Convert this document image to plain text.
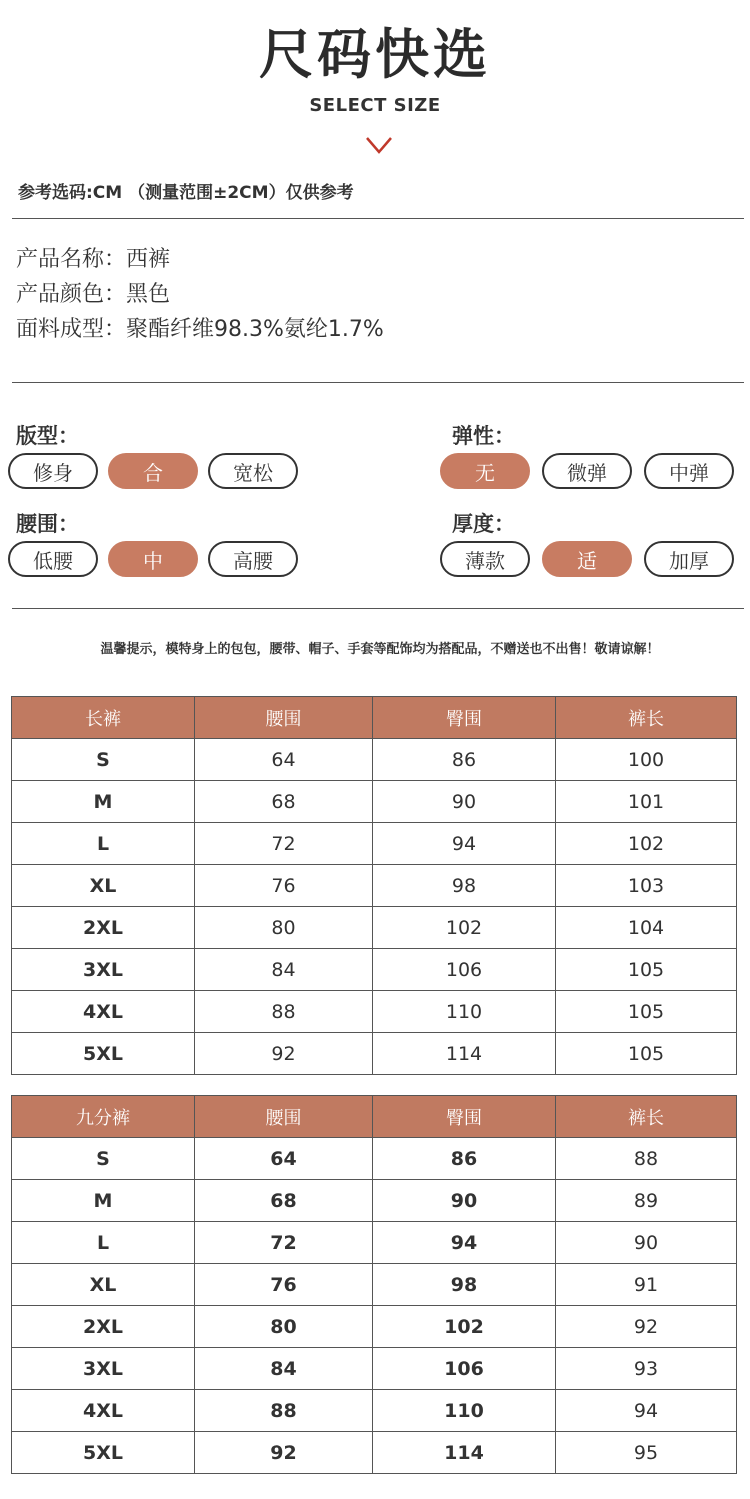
尺码快选
SELECT SIZE
参考选码:CM （测量范围±2CM）仅供参考
产品名称：西裤
产品颜色：黑色
面料成型：聚酯纤维98.3%氨纶1.7%
版型：
修身	合	宽松
弹性：
无	微弹	中弹
腰围：
低腰	中	高腰
厚度：
薄款	适	加厚
温馨提示，模特身上的包包，腰带、帽子、手套等配饰均为搭配品，不赠送也不出售！敬请谅解！
长裤	腰围	臀围	裤长
S	64	86	100
M	68	90	101
L	72	94	102
XL	76	98	103
2XL	80	102	104
3XL	84	106	105
4XL	88	110	105
5XL	92	114	105
九分裤	腰围	臀围	裤长
S	64	86	88
M	68	90	89
L	72	94	90
XL	76	98	91
2XL	80	102	92
3XL	84	106	93
4XL	88	110	94
5XL	92	114	95
